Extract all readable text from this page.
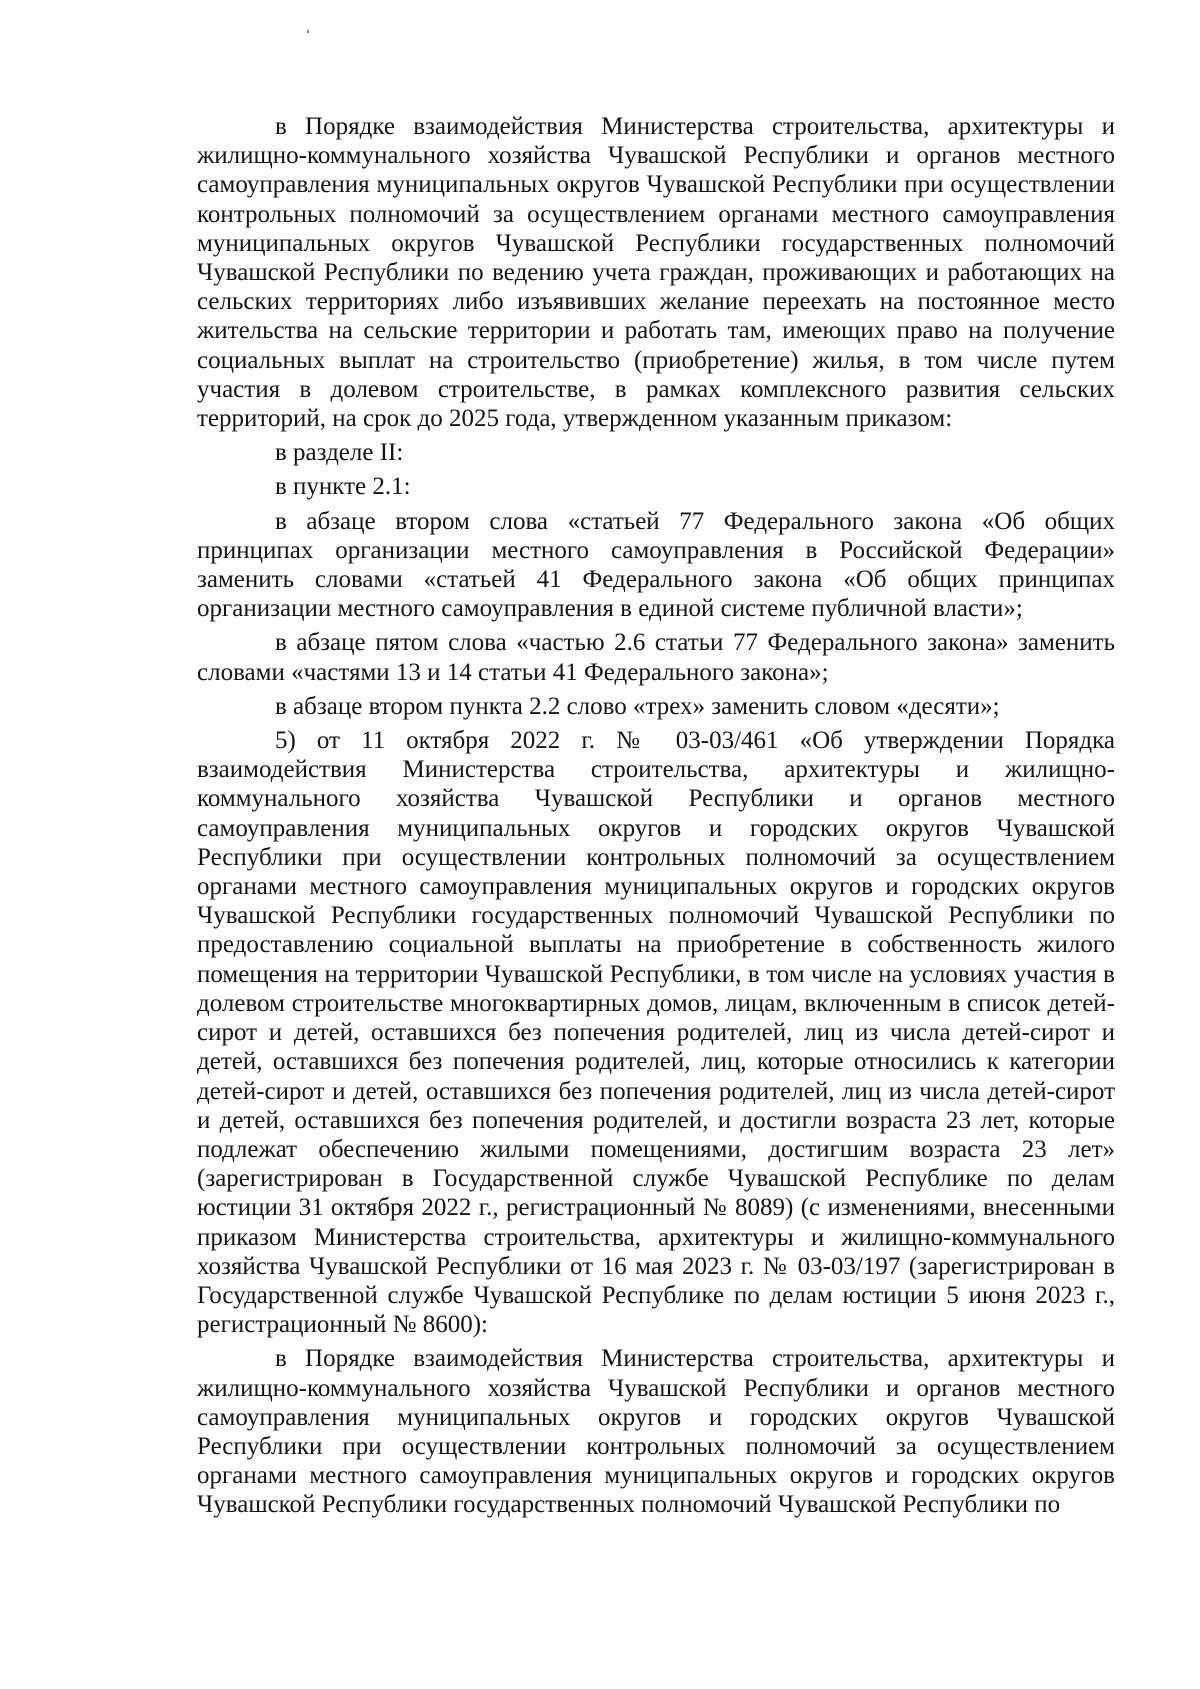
в Порядке взаимодействия Министерства строительства, архитектуры и жилищно-коммунального хозяйства Чувашской Республики и органов местного самоуправления муниципальных округов Чувашской Республики при осуществлении контрольных полномочий за осуществлением органами местного самоуправления муниципальных округов Чувашской Республики государственных полномочий Чувашской Республики по ведению учета граждан, проживающих и работающих на сельских территориях либо изъявивших желание переехать на постоянное место жительства на сельские территории и работать там, имеющих право на получение социальных выплат на строительство (приобретение) жилья, в том числе путем участия в долевом строительстве, в рамках комплексного развития сельских территорий, на срок до 2025 года, утвержденном указанным приказом:

в разделе II:

в пункте 2.1:

в абзаце втором слова «статьей 77 Федерального закона «Об общих принципах организации местного самоуправления в Российской Федерации» заменить словами «статьей 41 Федерального закона «Об общих принципах организации местного самоуправления в единой системе публичной власти»;

в абзаце пятом слова «частью 2.6 статьи 77 Федерального закона» заменить словами «частями 13 и 14 статьи 41 Федерального закона»;

в абзаце втором пункта 2.2 слово «трех» заменить словом «десяти»;

5) от 11 октября 2022 г. № 03-03/461 «Об утверждении Порядка взаимодействия Министерства строительства, архитектуры и жилищно-коммунального хозяйства Чувашской Республики и органов местного самоуправления муниципальных округов и городских округов Чувашской Республики при осуществлении контрольных полномочий за осуществлением органами местного самоуправления муниципальных округов и городских округов Чувашской Республики государственных полномочий Чувашской Республики по предоставлению социальной выплаты на приобретение в собственность жилого помещения на территории Чувашской Республики, в том числе на условиях участия в долевом строительстве многоквартирных домов, лицам, включенным в список детей-сирот и детей, оставшихся без попечения родителей, лиц из числа детей-сирот и детей, оставшихся без попечения родителей, лиц, которые относились к категории детей-сирот и детей, оставшихся без попечения родителей, лиц из числа детей-сирот и детей, оставшихся без попечения родителей, и достигли возраста 23 лет, которые подлежат обеспечению жилыми помещениями, достигшим возраста 23 лет» (зарегистрирован в Государственной службе Чувашской Республике по делам юстиции 31 октября 2022 г., регистрационный № 8089) (с изменениями, внесенными приказом Министерства строительства, архитектуры и жилищно-коммунального хозяйства Чувашской Республики от 16 мая 2023 г. № 03-03/197 (зарегистрирован в Государственной службе Чувашской Республике по делам юстиции 5 июня 2023 г., регистрационный № 8600):

в Порядке взаимодействия Министерства строительства, архитектуры и жилищно-коммунального хозяйства Чувашской Республики и органов местного самоуправления муниципальных округов и городских округов Чувашской Республики при осуществлении контрольных полномочий за осуществлением органами местного самоуправления муниципальных округов и городских округов Чувашской Республики государственных полномочий Чувашской Республики по
